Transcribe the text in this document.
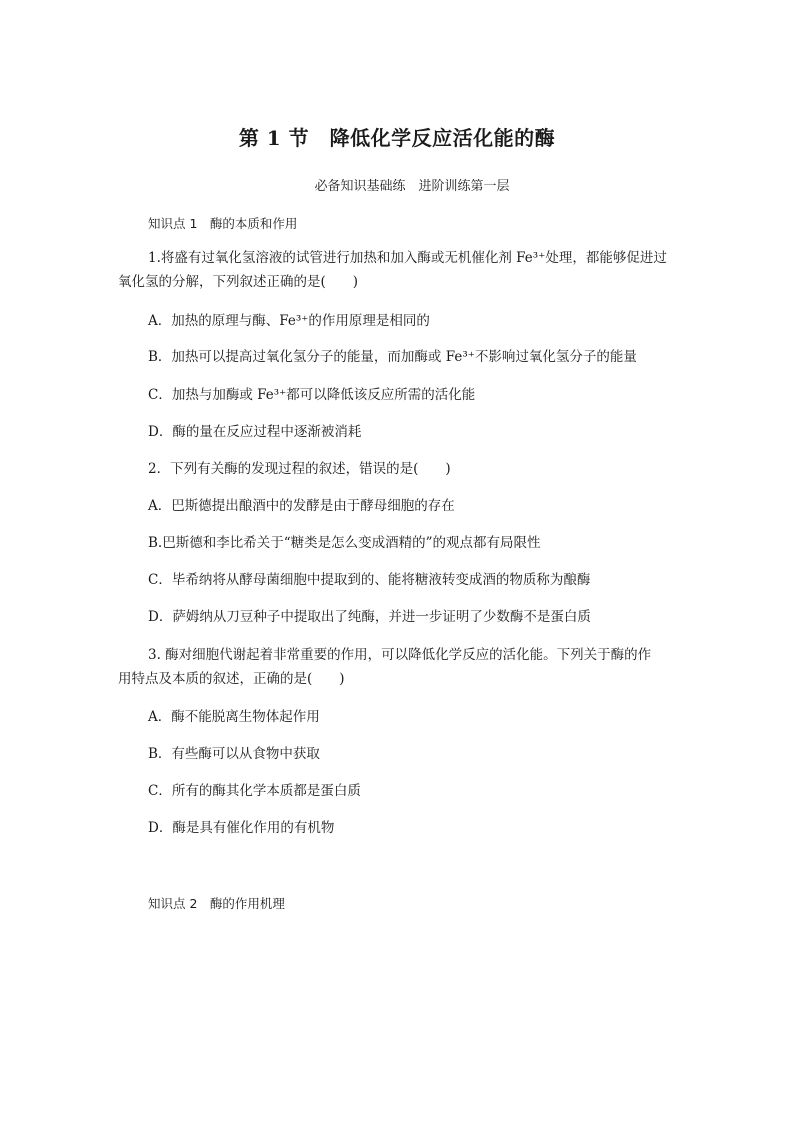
第 1 节　降低化学反应活化能的酶
必备知识基础练　进阶训练第一层
知识点 1　酶的本质和作用
1.将盛有过氧化氢溶液的试管进行加热和加入酶或无机催化剂 Fe³⁺处理，都能够促进过
氧化氢的分解，下列叙述正确的是(　　)
A．加热的原理与酶、Fe³⁺的作用原理是相同的
B．加热可以提高过氧化氢分子的能量，而加酶或 Fe³⁺不影响过氧化氢分子的能量
C．加热与加酶或 Fe³⁺都可以降低该反应所需的活化能
D．酶的量在反应过程中逐渐被消耗
2．下列有关酶的发现过程的叙述，错误的是(　　)
A．巴斯德提出酿酒中的发酵是由于酵母细胞的存在
B.巴斯德和李比希关于“糖类是怎么变成酒精的”的观点都有局限性
C．毕希纳将从酵母菌细胞中提取到的、能将糖液转变成酒的物质称为酿酶
D．萨姆纳从刀豆种子中提取出了纯酶，并进一步证明了少数酶不是蛋白质
3. 酶对细胞代谢起着非常重要的作用，可以降低化学反应的活化能。下列关于酶的作
用特点及本质的叙述，正确的是(　　)
A．酶不能脱离生物体起作用
B．有些酶可以从食物中获取
C．所有的酶其化学本质都是蛋白质
D．酶是具有催化作用的有机物
知识点 2　酶的作用机理
